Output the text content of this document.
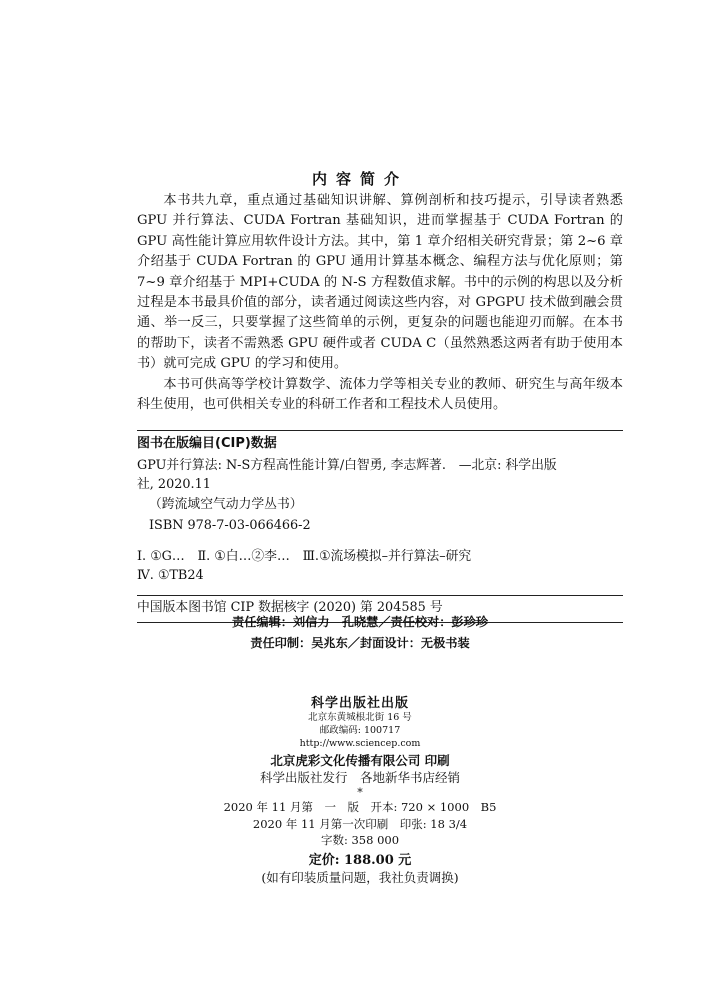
内容简介

本书共九章，重点通过基础知识讲解、算例剖析和技巧提示，引导读者熟悉 GPU 并行算法、CUDA Fortran 基础知识，进而掌握基于 CUDA Fortran 的 GPU 高性能计算应用软件设计方法。其中，第 1 章介绍相关研究背景；第 2~6 章介绍基于 CUDA Fortran 的 GPU 通用计算基本概念、编程方法与优化原则；第 7~9 章介绍基于 MPI+CUDA 的 N-S 方程数值求解。书中的示例的构思以及分析过程是本书最具价值的部分，读者通过阅读这些内容，对 GPGPU 技术做到融会贯通、举一反三，只要掌握了这些简单的示例，更复杂的问题也能迎刃而解。在本书的帮助下，读者不需熟悉 GPU 硬件或者 CUDA C（虽然熟悉这两者有助于使用本书）就可完成 GPU 的学习和使用。

本书可供高等学校计算数学、流体力学等相关专业的教师、研究生与高年级本科生使用，也可供相关专业的科研工作者和工程技术人员使用。

图书在版编目(CIP)数据
GPU并行算法: N-S方程高性能计算/白智勇, 李志辉著.　—北京: 科学出版
社, 2020.11
（跨流域空气动力学丛书）
ISBN 978-7-03-066466-2
Ⅰ. ①G…　Ⅱ. ①白…②李…　Ⅲ.①流场模拟–并行算法–研究
Ⅳ. ①TB24
中国版本图书馆 CIP 数据核字 (2020) 第 204585 号
责任编辑：刘信力　孔晓慧／责任校对：彭珍珍
责任印制：吴兆东／封面设计：无极书装
科学出版社出版
北京东黄城根北街 16 号
邮政编码: 100717
http://www.sciencep.com
北京虎彩文化传播有限公司 印刷
科学出版社发行　各地新华书店经销
*
2020 年 11 月第　一　版　开本: 720 × 1000　B5
2020 年 11 月第一次印刷　印张: 18 3/4
字数: 358 000
定价: 188.00 元
(如有印装质量问题，我社负责调换)
